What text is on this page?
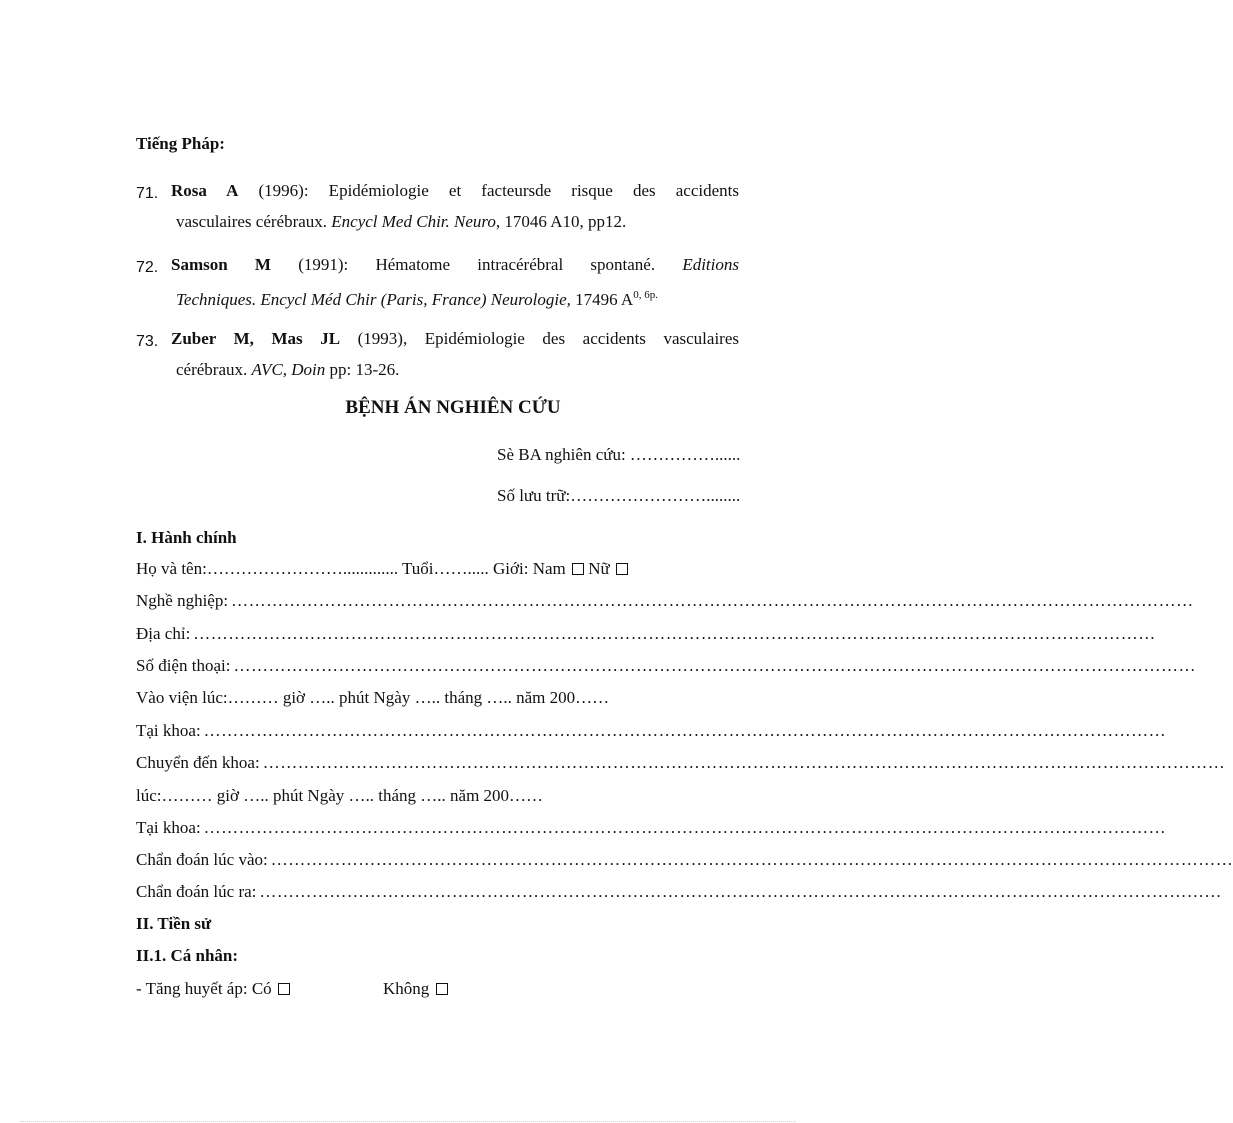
Tiếng Pháp:
71. Rosa A (1996): Epidémiologie et facteursde risque des accidents
vasculaires cérébraux. Encycl Med Chir. Neuro, 17046 A10, pp12.
72. Samson M (1991): Hématome intracérébral spontané. Editions
Techniques. Encycl Méd Chir (Paris, France) Neurologie, 17496 $A^{0, 6p.}$
73. Zuber M, Mas JL (1993), Epidémiologie des accidents vasculaires
cérébraux. AVC, Doin pp: 13-26.
BỆNH ÁN NGHIÊN CỨU
Sè BA nghiên cứu: ……………......
Số lưu trữ:……………………........
I. Hành chính
Họ và tên:……………………............. Tuổi……..... Giới: Nam  Nữ
Nghề nghiệp: …………………………………………………………………………………………………………………………………………………
Địa chỉ: …………………………………………………………………………………………………………………………………………………
Số điện thoại: …………………………………………………………………………………………………………………………………………………
Vào viện lúc:……… giờ ….. phút Ngày ….. tháng ….. năm 200……
Tại khoa: …………………………………………………………………………………………………………………………………………………
Chuyển đến khoa: …………………………………………………………………………………………………………………………………………………
lúc:……… giờ ….. phút Ngày ….. tháng ….. năm 200……
Tại khoa: …………………………………………………………………………………………………………………………………………………
Chẩn đoán lúc vào: …………………………………………………………………………………………………………………………………………………
Chẩn đoán lúc ra: …………………………………………………………………………………………………………………………………………………
II. Tiền sử
II.1. Cá nhân:
- Tăng huyết áp: Có	Không
